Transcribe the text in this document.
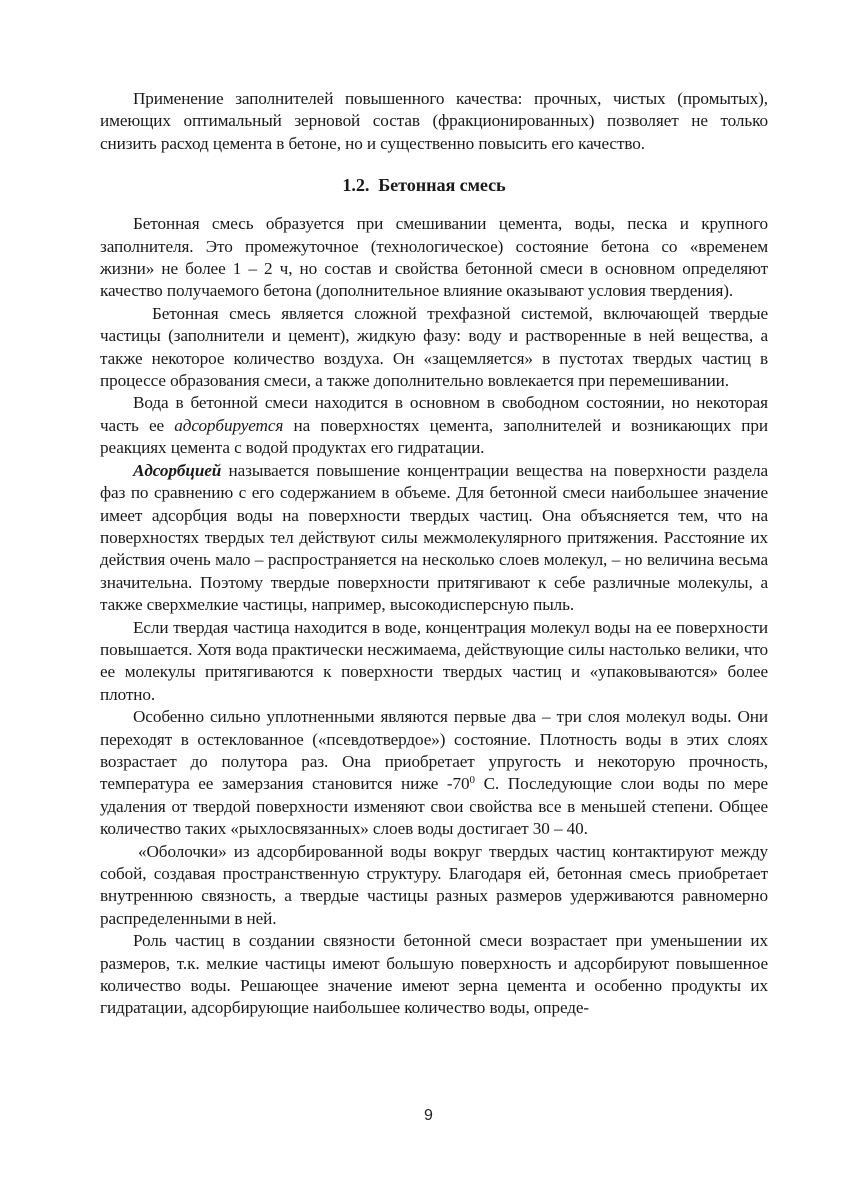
Применение заполнителей повышенного качества: прочных, чистых (промытых), имеющих оптимальный зерновой состав (фракционированных) позволяет не только снизить расход цемента в бетоне, но и существенно повысить его качество.

1.2. Бетонная смесь

Бетонная смесь образуется при смешивании цемента, воды, песка и крупного заполнителя. Это промежуточное (технологическое) состояние бетона со «временем жизни» не более 1 – 2 ч, но состав и свойства бетонной смеси в основном определяют качество получаемого бетона (дополнительное влияние оказывают условия твердения).

Бетонная смесь является сложной трехфазной системой, включающей твердые частицы (заполнители и цемент), жидкую фазу: воду и растворенные в ней вещества, а также некоторое количество воздуха. Он «защемляется» в пустотах твердых частиц в процессе образования смеси, а также дополнительно вовлекается при перемешивании.

Вода в бетонной смеси находится в основном в свободном состоянии, но некоторая часть ее адсорбируется на поверхностях цемента, заполнителей и возникающих при реакциях цемента с водой продуктах его гидратации.

Адсорбцией называется повышение концентрации вещества на поверхности раздела фаз по сравнению с его содержанием в объеме. Для бетонной смеси наибольшее значение имеет адсорбция воды на поверхности твердых частиц. Она объясняется тем, что на поверхностях твердых тел действуют силы межмолекулярного притяжения. Расстояние их действия очень мало – распространяется на несколько слоев молекул, – но величина весьма значительна. Поэтому твердые поверхности притягивают к себе различные молекулы, а также сверхмелкие частицы, например, высокодисперсную пыль.

Если твердая частица находится в воде, концентрация молекул воды на ее поверхности повышается. Хотя вода практически несжимаема, действующие силы настолько велики, что ее молекулы притягиваются к поверхности твердых частиц и «упаковываются» более плотно.

Особенно сильно уплотненными являются первые два – три слоя молекул воды. Они переходят в остеклованное («псевдотвердое») состояние. Плотность воды в этих слоях возрастает до полутора раз. Она приобретает упругость и некоторую прочность, температура ее замерзания становится ниже $-70^0$ С. Последующие слои воды по мере удаления от твердой поверхности изменяют свои свойства все в меньшей степени. Общее количество таких «рыхлосвязанных» слоев воды достигает 30 – 40.

«Оболочки» из адсорбированной воды вокруг твердых частиц контактируют между собой, создавая пространственную структуру. Благодаря ей, бетонная смесь приобретает внутреннюю связность, а твердые частицы разных размеров удерживаются равномерно распределенными в ней.

Роль частиц в создании связности бетонной смеси возрастает при уменьшении их размеров, т.к. мелкие частицы имеют большую поверхность и адсорбируют повышенное количество воды. Решающее значение имеют зерна цемента и особенно продукты их гидратации, адсорбирующие наибольшее количество воды, опреде-

9
